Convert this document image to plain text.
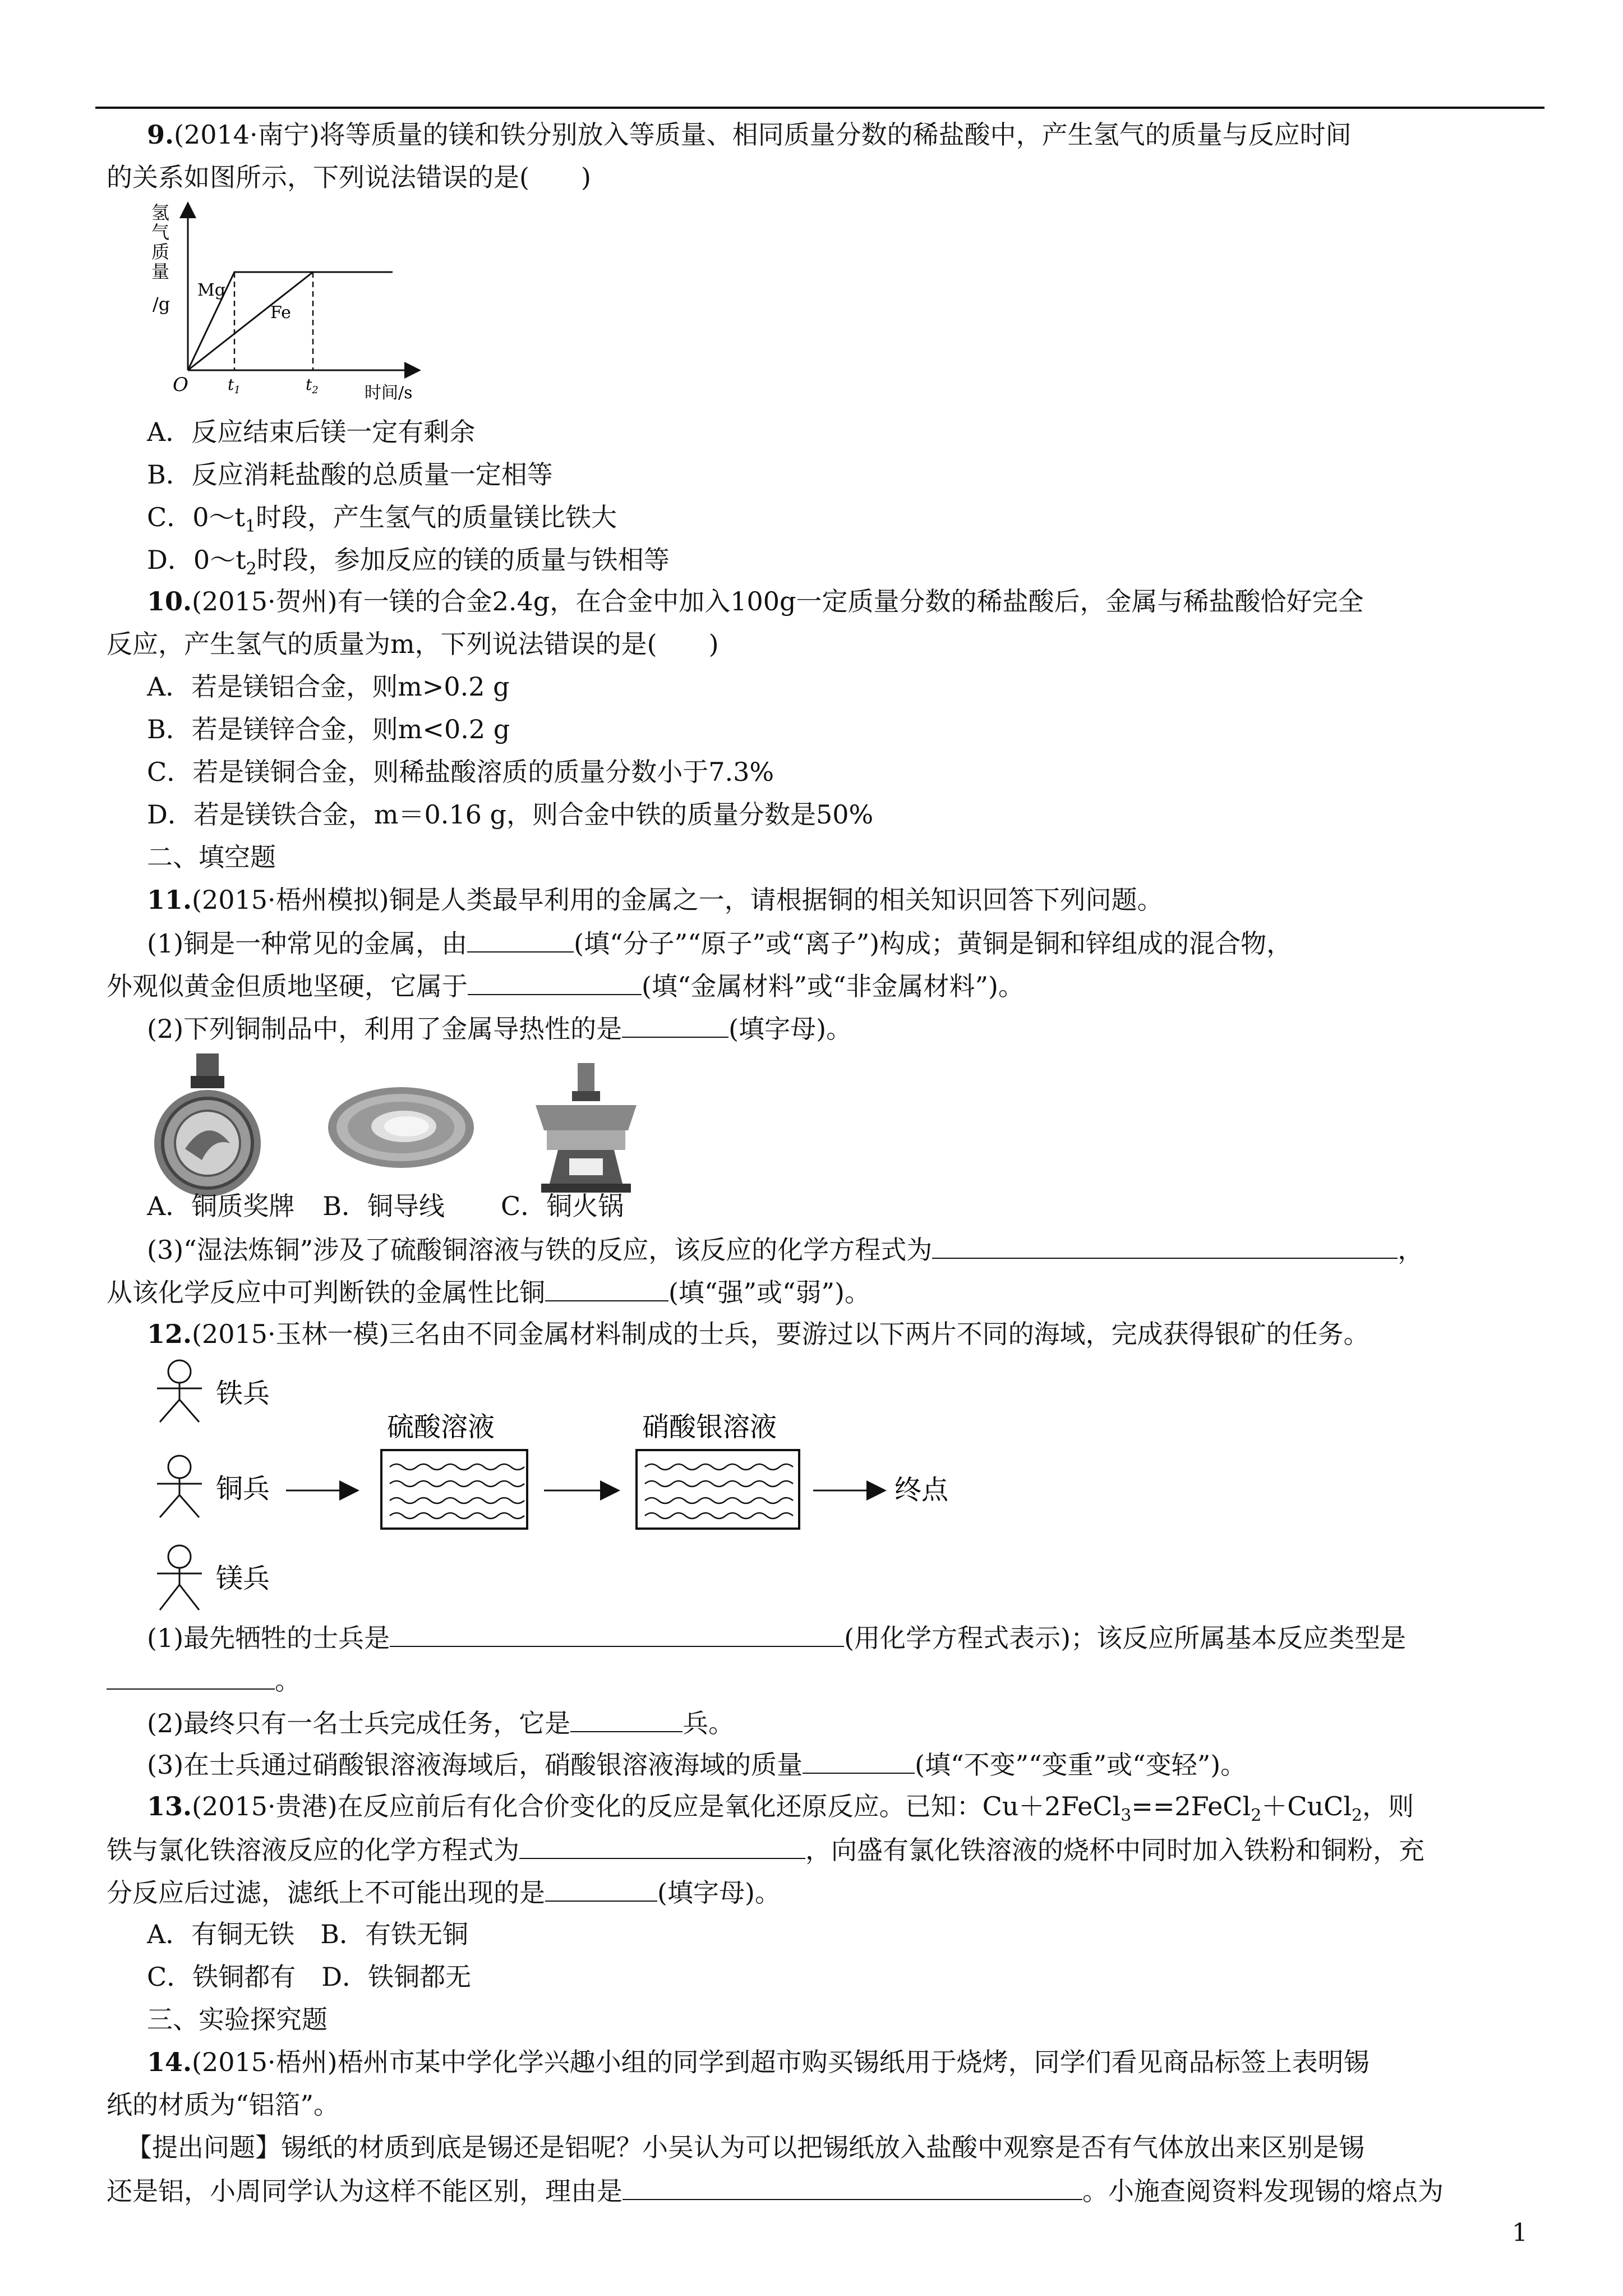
9.(2014·南宁)将等质量的镁和铁分别放入等质量、相同质量分数的稀盐酸中，产生氢气的质量与反应时间
的关系如图所示，下列说法错误的是(　　)
氢
气
质
量
/g
Mg
Fe
O	$t_1$	$t_2$	时间/s
A．反应结束后镁一定有剩余
B．反应消耗盐酸的总质量一定相等
C．$0\sim t_1$时段，产生氢气的质量镁比铁大
D．$0\sim t_2$时段，参加反应的镁的质量与铁相等
10.(2015·贺州)有一镁的合金2.4g，在合金中加入100g一定质量分数的稀盐酸后，金属与稀盐酸恰好完全
反应，产生氢气的质量为m，下列说法错误的是(　　)
A．若是镁铝合金，则m>0.2 g
B．若是镁锌合金，则m<0.2 g
C．若是镁铜合金，则稀盐酸溶质的质量分数小于7.3%
D．若是镁铁合金，m＝0.16 g，则合金中铁的质量分数是50%
二、填空题
11.(2015·梧州模拟)铜是人类最早利用的金属之一，请根据铜的相关知识回答下列问题。
(1)铜是一种常见的金属，由	(填“分子”“原子”或“离子”)构成；黄铜是铜和锌组成的混合物，
外观似黄金但质地坚硬，它属于	(填“金属材料”或“非金属材料”)。
(2)下列铜制品中，利用了金属导热性的是	(填字母)。
A．铜质奖牌 B．铜导线 C．铜火锅
(3)“湿法炼铜”涉及了硫酸铜溶液与铁的反应，该反应的化学方程式为	，
从该化学反应中可判断铁的金属性比铜	(填“强”或“弱”)。
12.(2015·玉林一模)三名由不同金属材料制成的士兵，要游过以下两片不同的海域，完成获得银矿的任务。
铁兵
铜兵
镁兵
硫酸溶液	硝酸银溶液
终点
(1)最先牺牲的士兵是	(用化学方程式表示)；该反应所属基本反应类型是
。
(2)最终只有一名士兵完成任务，它是	兵。
(3)在士兵通过硝酸银溶液海域后，硝酸银溶液海域的质量	(填“不变”“变重”或“变轻”)。
13.(2015·贵港)在反应前后有化合价变化的反应是氧化还原反应。已知：Cu＋2FeCl$_3$==2FeCl$_2$＋CuCl$_2$，则
铁与氯化铁溶液反应的化学方程式为	，向盛有氯化铁溶液的烧杯中同时加入铁粉和铜粉，充
分反应后过滤，滤纸上不可能出现的是	(填字母)。
A．有铜无铁　B．有铁无铜
C．铁铜都有　D．铁铜都无
三、实验探究题
14.(2015·梧州)梧州市某中学化学兴趣小组的同学到超市购买锡纸用于烧烤，同学们看见商品标签上表明锡
纸的材质为“铝箔”。
【提出问题】锡纸的材质到底是锡还是铝呢？小吴认为可以把锡纸放入盐酸中观察是否有气体放出来区别是锡
还是铝，小周同学认为这样不能区别，理由是	。小施查阅资料发现锡的熔点为
1
